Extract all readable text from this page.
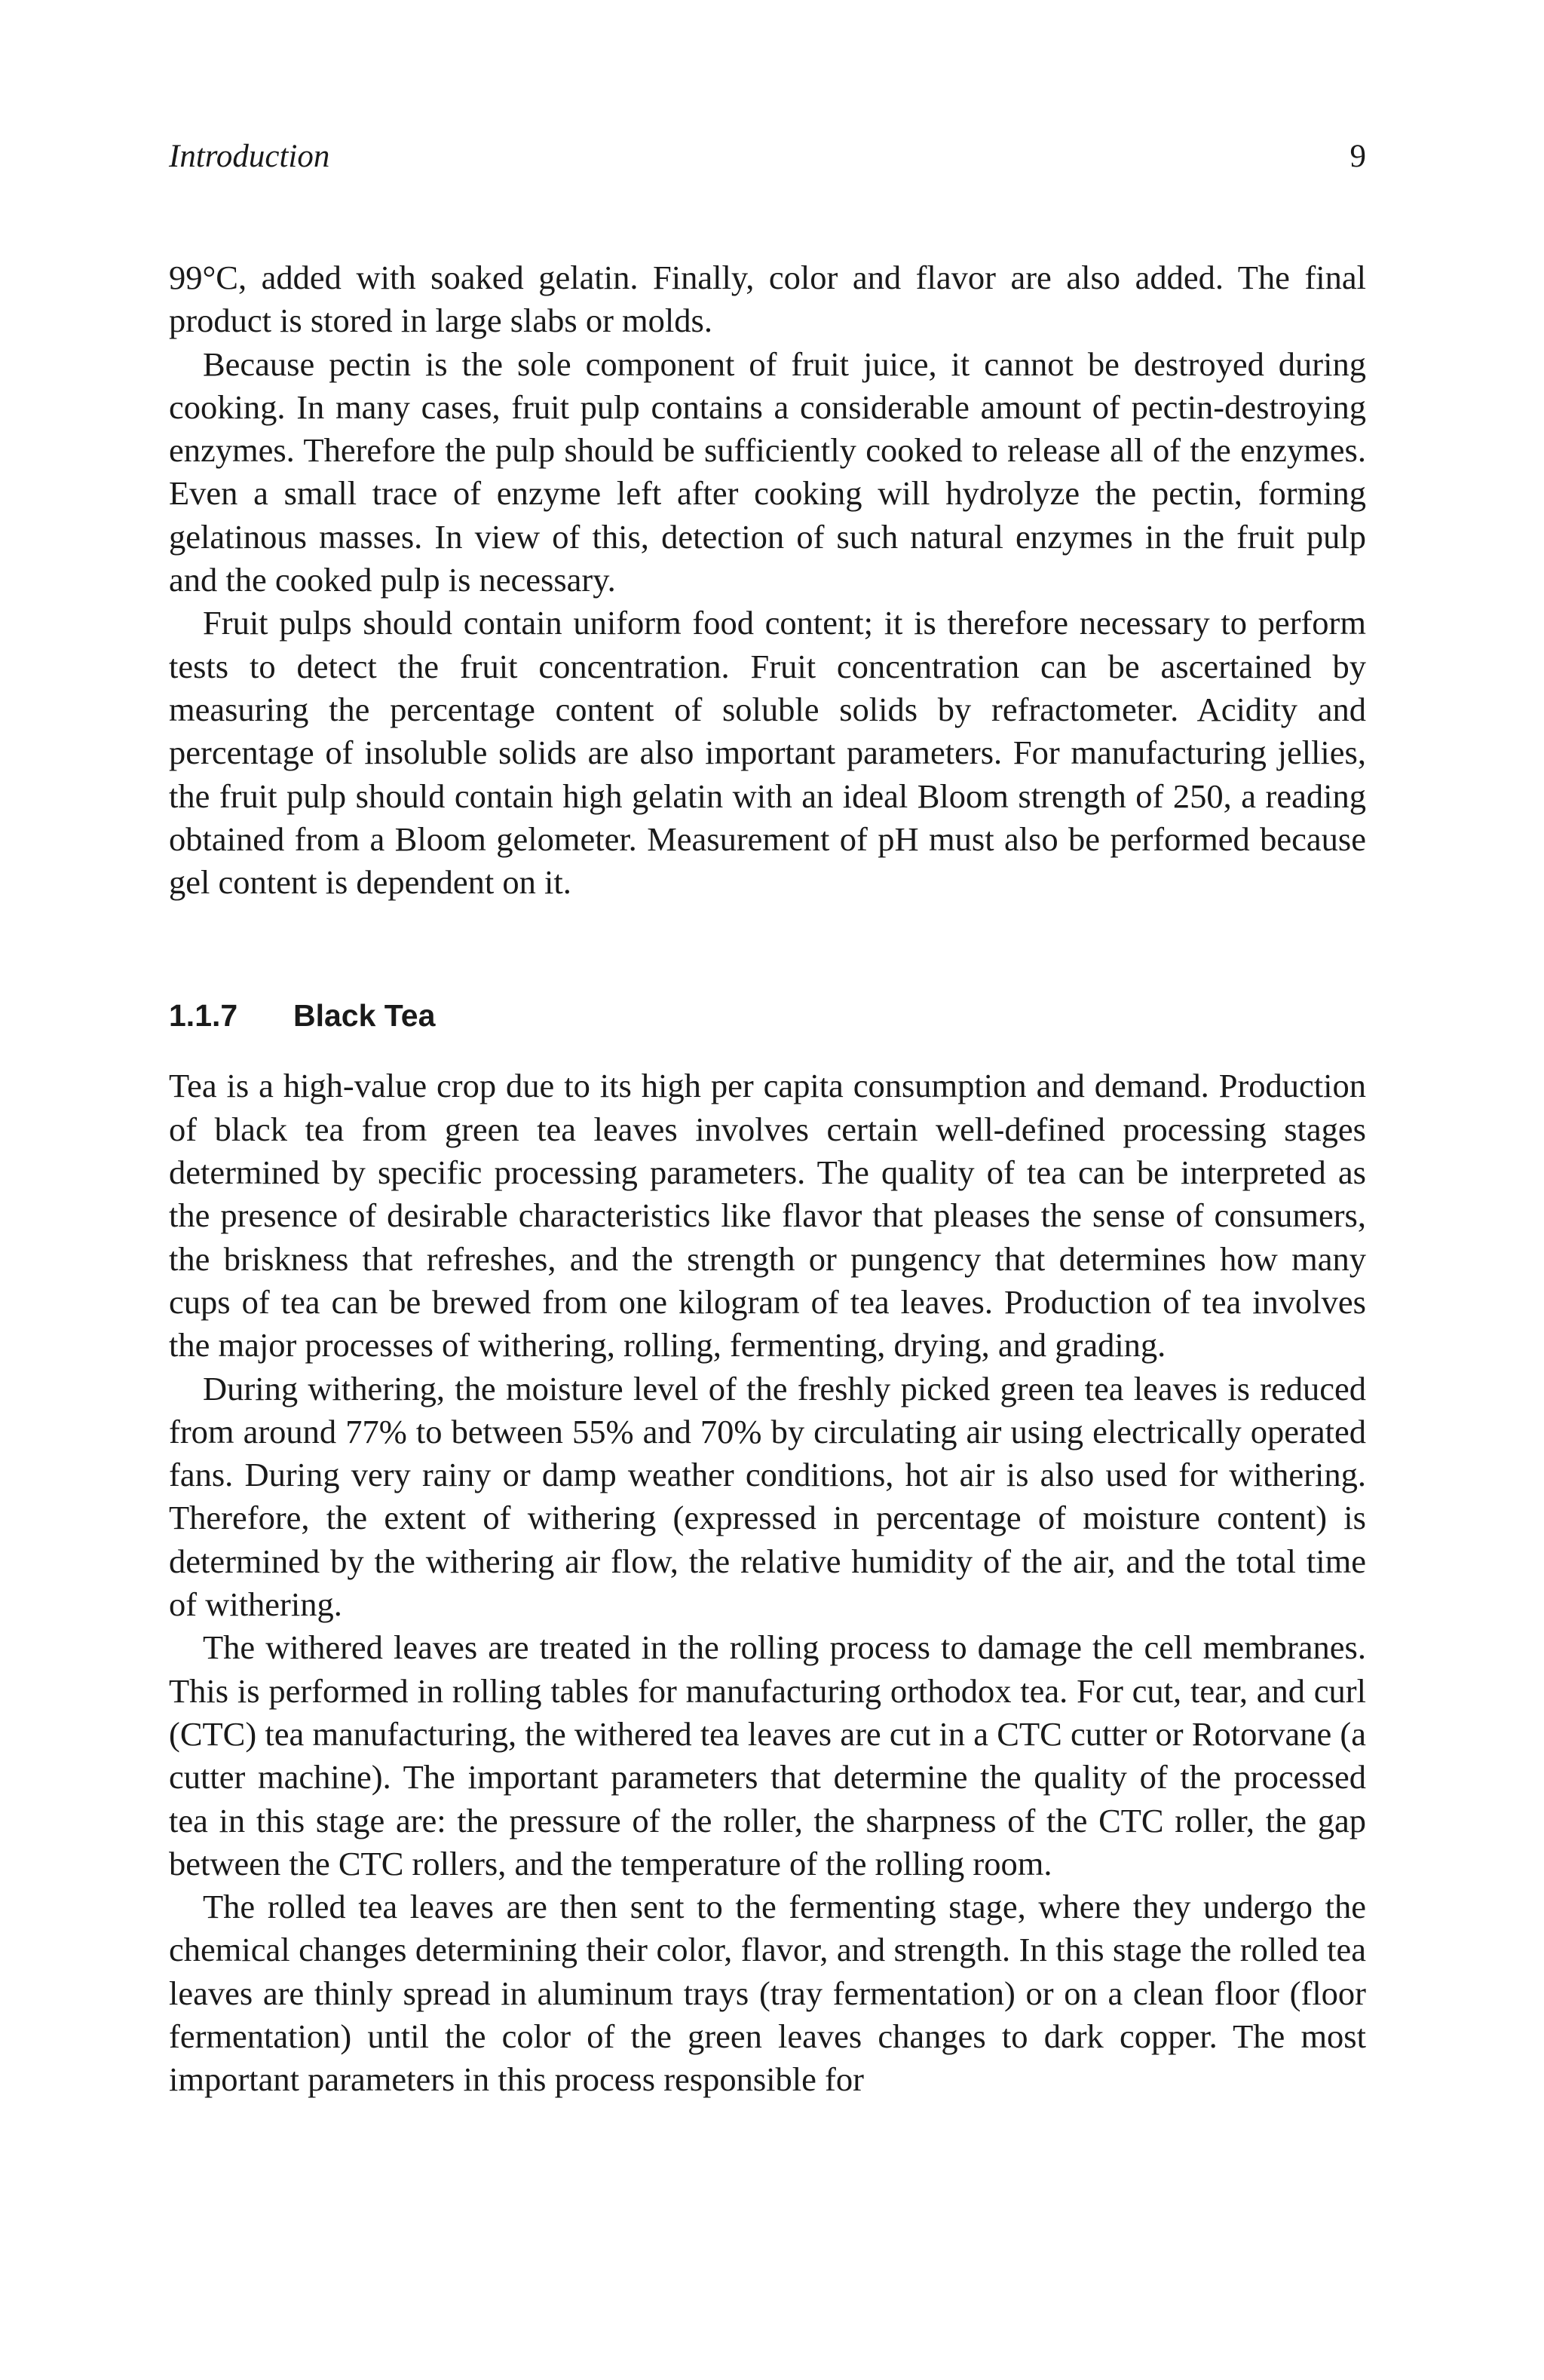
Introduction	9

99°C, added with soaked gelatin. Finally, color and flavor are also added. The final product is stored in large slabs or molds.

Because pectin is the sole component of fruit juice, it cannot be destroyed during cooking. In many cases, fruit pulp contains a considerable amount of pectin-destroying enzymes. Therefore the pulp should be sufficiently cooked to release all of the enzymes. Even a small trace of enzyme left after cooking will hydrolyze the pectin, forming gelatinous masses. In view of this, detection of such natural enzymes in the fruit pulp and the cooked pulp is necessary.

Fruit pulps should contain uniform food content; it is therefore necessary to perform tests to detect the fruit concentration. Fruit concentration can be ascertained by measuring the percentage content of soluble solids by refractometer. Acidity and percentage of insoluble solids are also important parameters. For manufacturing jellies, the fruit pulp should contain high gelatin with an ideal Bloom strength of 250, a reading obtained from a Bloom gelometer. Measurement of pH must also be performed because gel content is dependent on it.

1.1.7 Black Tea

Tea is a high-value crop due to its high per capita consumption and demand. Production of black tea from green tea leaves involves certain well-defined processing stages determined by specific processing parameters. The quality of tea can be interpreted as the presence of desirable characteristics like flavor that pleases the sense of consumers, the briskness that refreshes, and the strength or pungency that determines how many cups of tea can be brewed from one kilogram of tea leaves. Production of tea involves the major processes of withering, rolling, fermenting, drying, and grading.

During withering, the moisture level of the freshly picked green tea leaves is reduced from around 77% to between 55% and 70% by circulating air using electrically operated fans. During very rainy or damp weather conditions, hot air is also used for withering. Therefore, the extent of withering (expressed in percentage of moisture content) is determined by the withering air flow, the relative humidity of the air, and the total time of withering.

The withered leaves are treated in the rolling process to damage the cell membranes. This is performed in rolling tables for manufacturing orthodox tea. For cut, tear, and curl (CTC) tea manufacturing, the withered tea leaves are cut in a CTC cutter or Rotorvane (a cutter machine). The important parameters that determine the quality of the processed tea in this stage are: the pressure of the roller, the sharpness of the CTC roller, the gap between the CTC rollers, and the temperature of the rolling room.

The rolled tea leaves are then sent to the fermenting stage, where they undergo the chemical changes determining their color, flavor, and strength. In this stage the rolled tea leaves are thinly spread in aluminum trays (tray fermentation) or on a clean floor (floor fermentation) until the color of the green leaves changes to dark copper. The most important parameters in this process responsible for
